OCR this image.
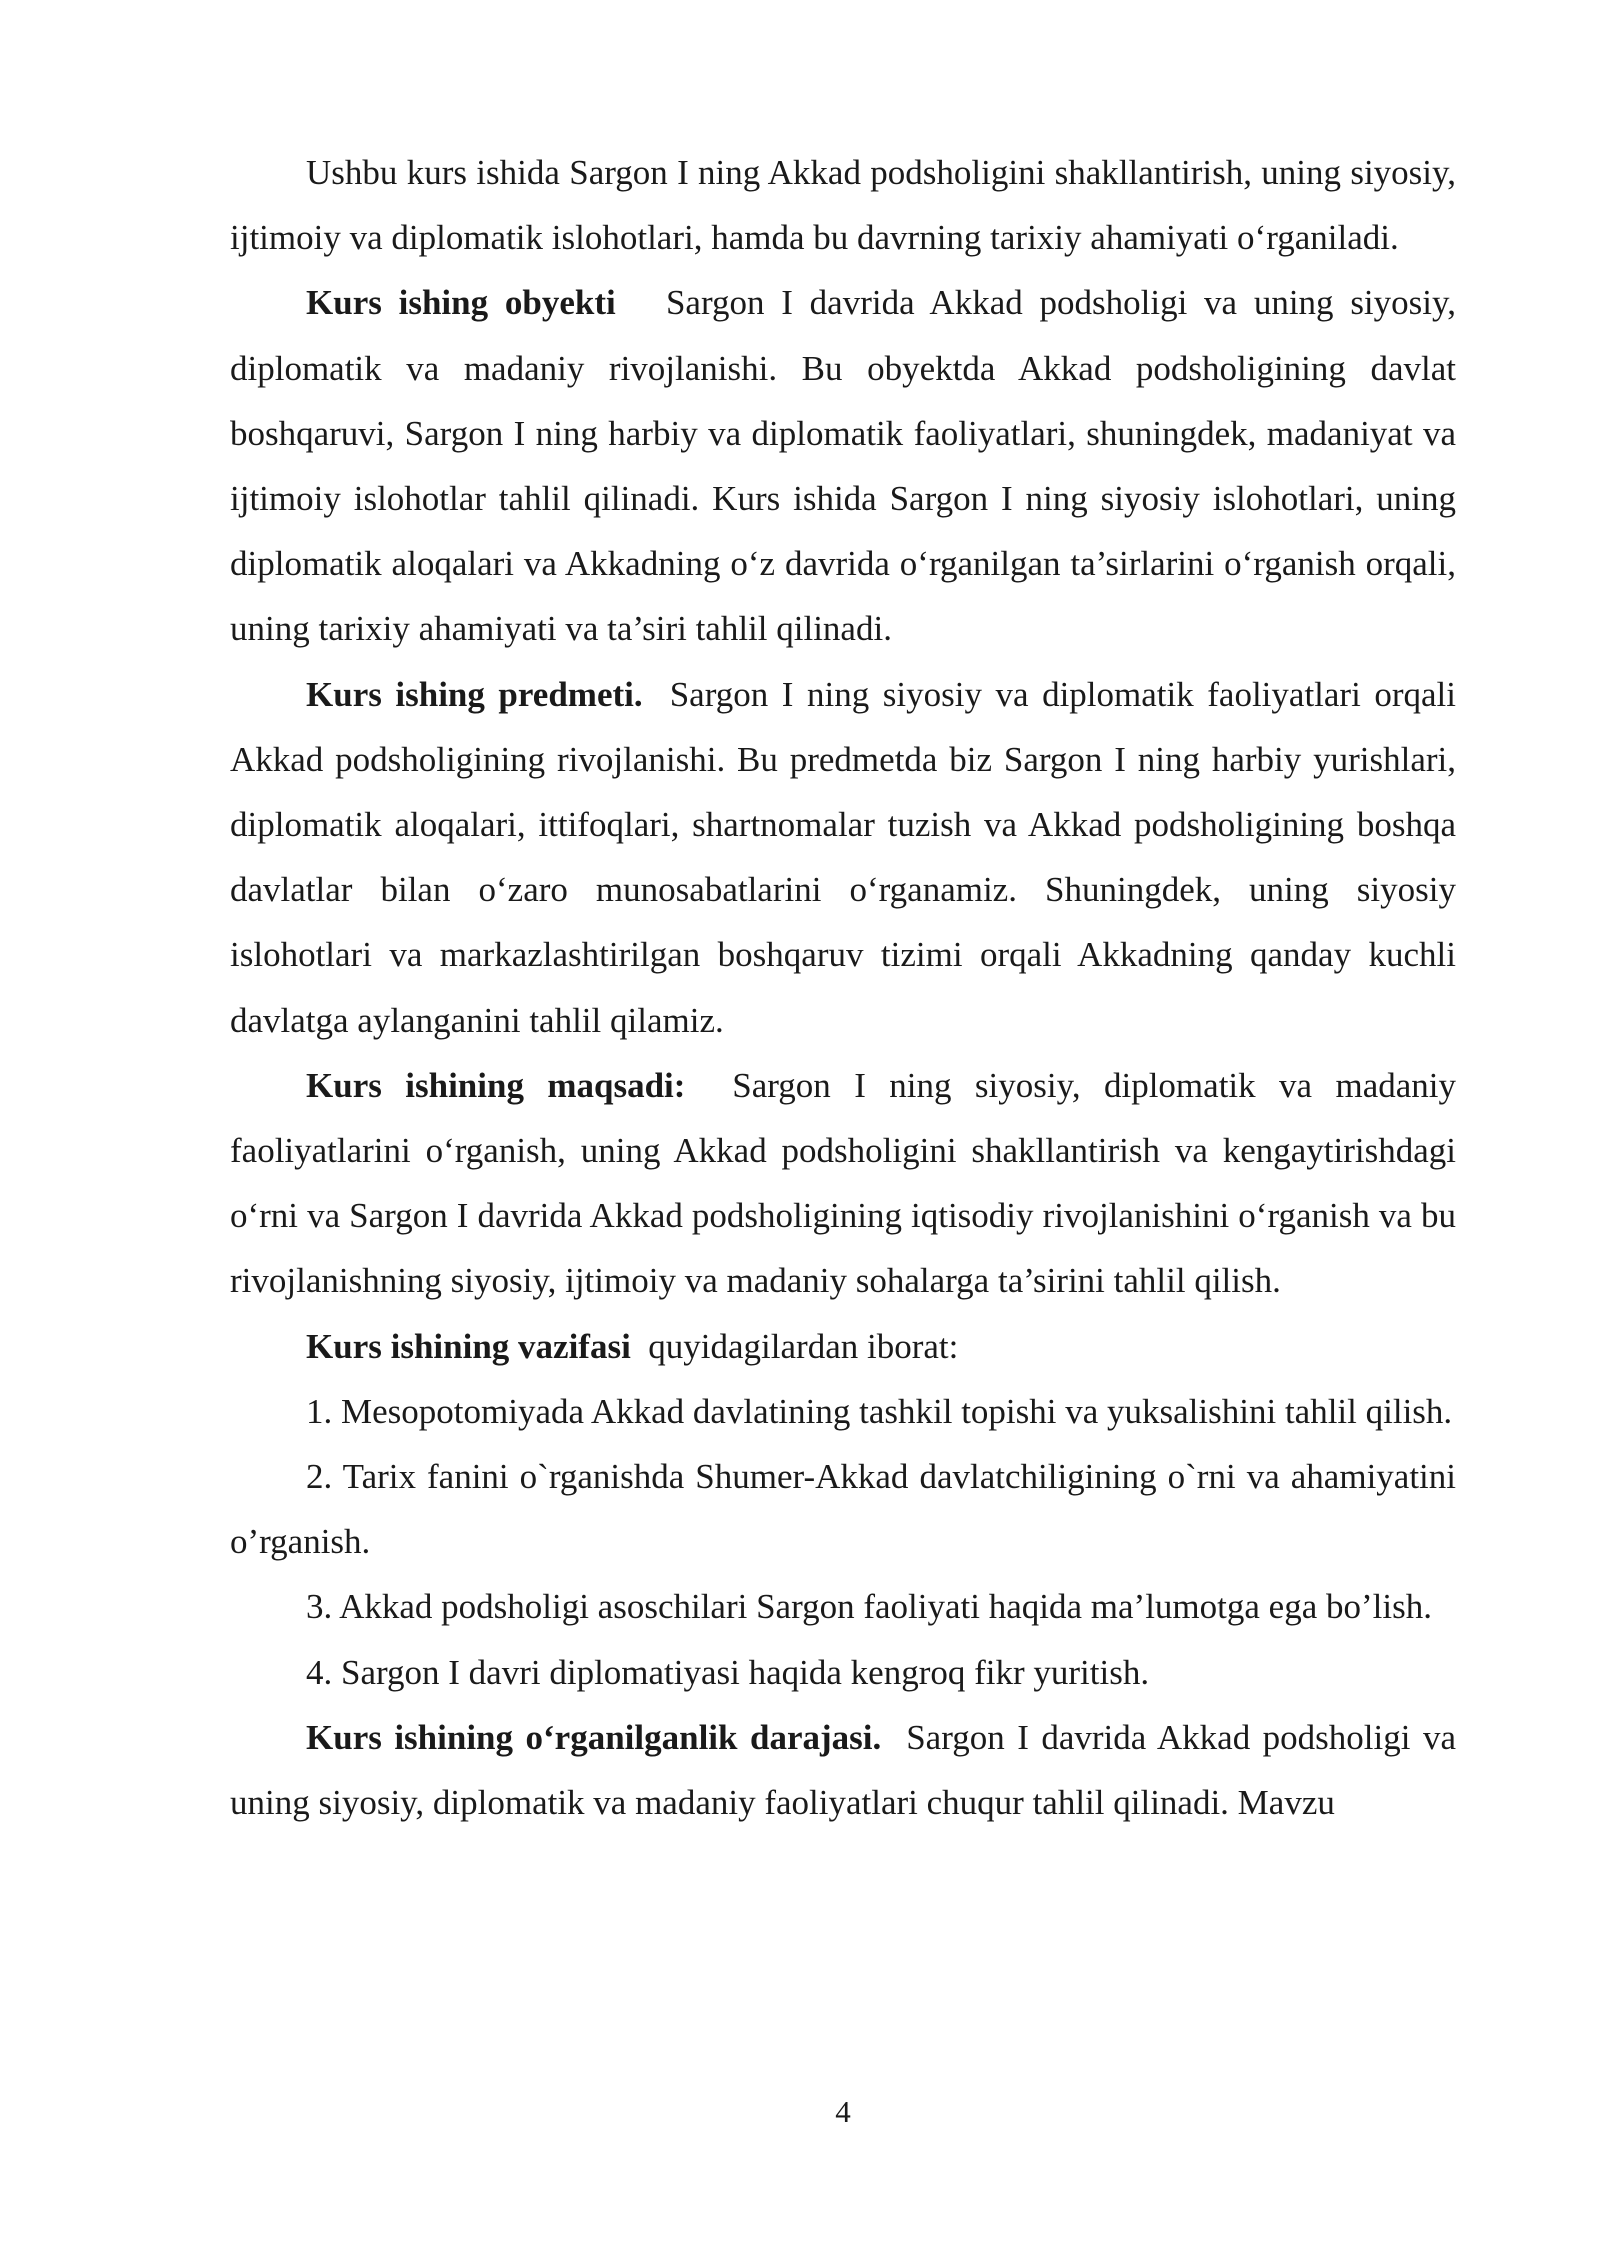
Ushbu kurs ishida Sargon I ning Akkad podsholigini shakllantirish, uning siyosiy, ijtimoiy va diplomatik islohotlari, hamda bu davrning tarixiy ahamiyati o‘rganiladi.

Kurs ishing obyekti Sargon I davrida Akkad podsholigi va uning siyosiy, diplomatik va madaniy rivojlanishi. Bu obyektda Akkad podsholigining davlat boshqaruvi, Sargon I ning harbiy va diplomatik faoliyatlari, shuningdek, madaniyat va ijtimoiy islohotlar tahlil qilinadi. Kurs ishida Sargon I ning siyosiy islohotlari, uning diplomatik aloqalari va Akkadning o‘z davrida o‘rganilgan ta’sirlarini o‘rganish orqali, uning tarixiy ahamiyati va ta’siri tahlil qilinadi.

Kurs ishing predmeti. Sargon I ning siyosiy va diplomatik faoliyatlari orqali Akkad podsholigining rivojlanishi. Bu predmetda biz Sargon I ning harbiy yurishlari, diplomatik aloqalari, ittifoqlari, shartnomalar tuzish va Akkad podsholigining boshqa davlatlar bilan o‘zaro munosabatlarini o‘rganamiz. Shuningdek, uning siyosiy islohotlari va markazlashtirilgan boshqaruv tizimi orqali Akkadning qanday kuchli davlatga aylanganini tahlil qilamiz.

Kurs ishining maqsadi: Sargon I ning siyosiy, diplomatik va madaniy faoliyatlarini o‘rganish, uning Akkad podsholigini shakllantirish va kengaytirishdagi o‘rni va Sargon I davrida Akkad podsholigining iqtisodiy rivojlanishini o‘rganish va bu rivojlanishning siyosiy, ijtimoiy va madaniy sohalarga ta’sirini tahlil qilish.

Kurs ishining vazifasi quyidagilardan iborat:

1. Mesopotomiyada Akkad davlatining tashkil topishi va yuksalishini tahlil qilish.

2. Tarix fanini o`rganishda Shumer-Akkad davlatchiligining o`rni va ahamiyatini o’rganish.

3. Akkad podsholigi asoschilari Sargon faoliyati haqida ma’lumotga ega bo’lish.

4. Sargon I davri diplomatiyasi haqida kengroq fikr yuritish.

Kurs ishining o‘rganilganlik darajasi. Sargon I davrida Akkad podsholigi va uning siyosiy, diplomatik va madaniy faoliyatlari chuqur tahlil qilinadi. Mavzu

4
